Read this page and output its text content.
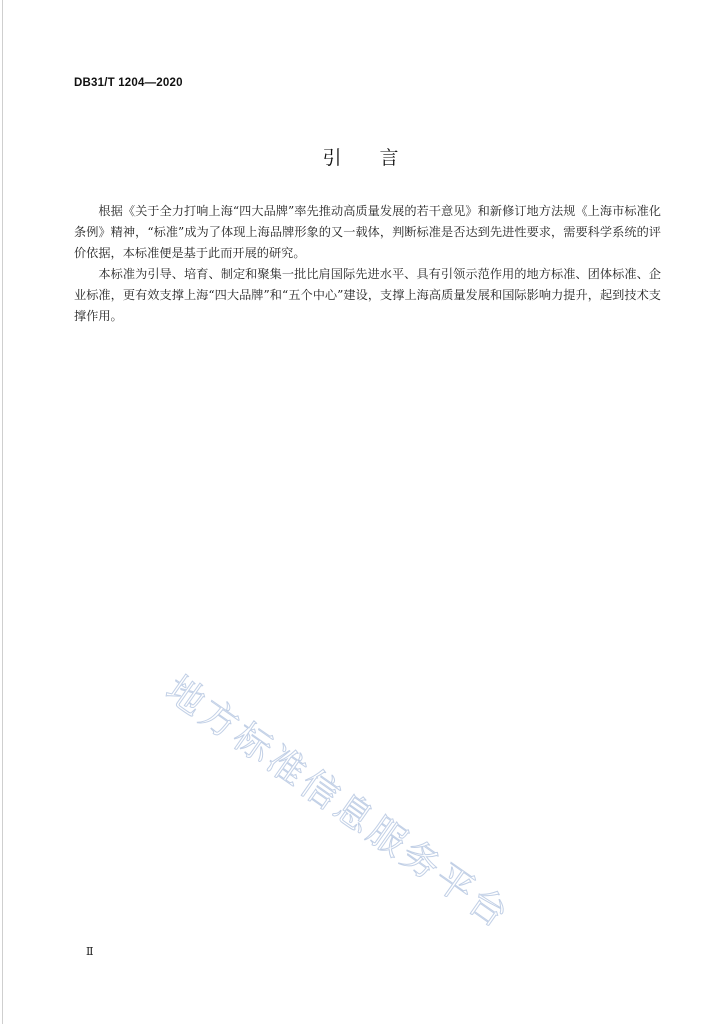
DB31/T 1204—2020
引　　言

根据《关于全力打响上海“四大品牌”率先推动高质量发展的若干意见》和新修订地方法规《上海市标准化条例》精神，“标准”成为了体现上海品牌形象的又一载体，判断标准是否达到先进性要求，需要科学系统的评价依据，本标准便是基于此而开展的研究。

本标准为引导、培育、制定和聚集一批比肩国际先进水平、具有引领示范作用的地方标准、团体标准、企业标准，更有效支撑上海“四大品牌”和“五个中心”建设，支撑上海高质量发展和国际影响力提升，起到技术支撑作用。

地方标准信息服务平台
Ⅱ
